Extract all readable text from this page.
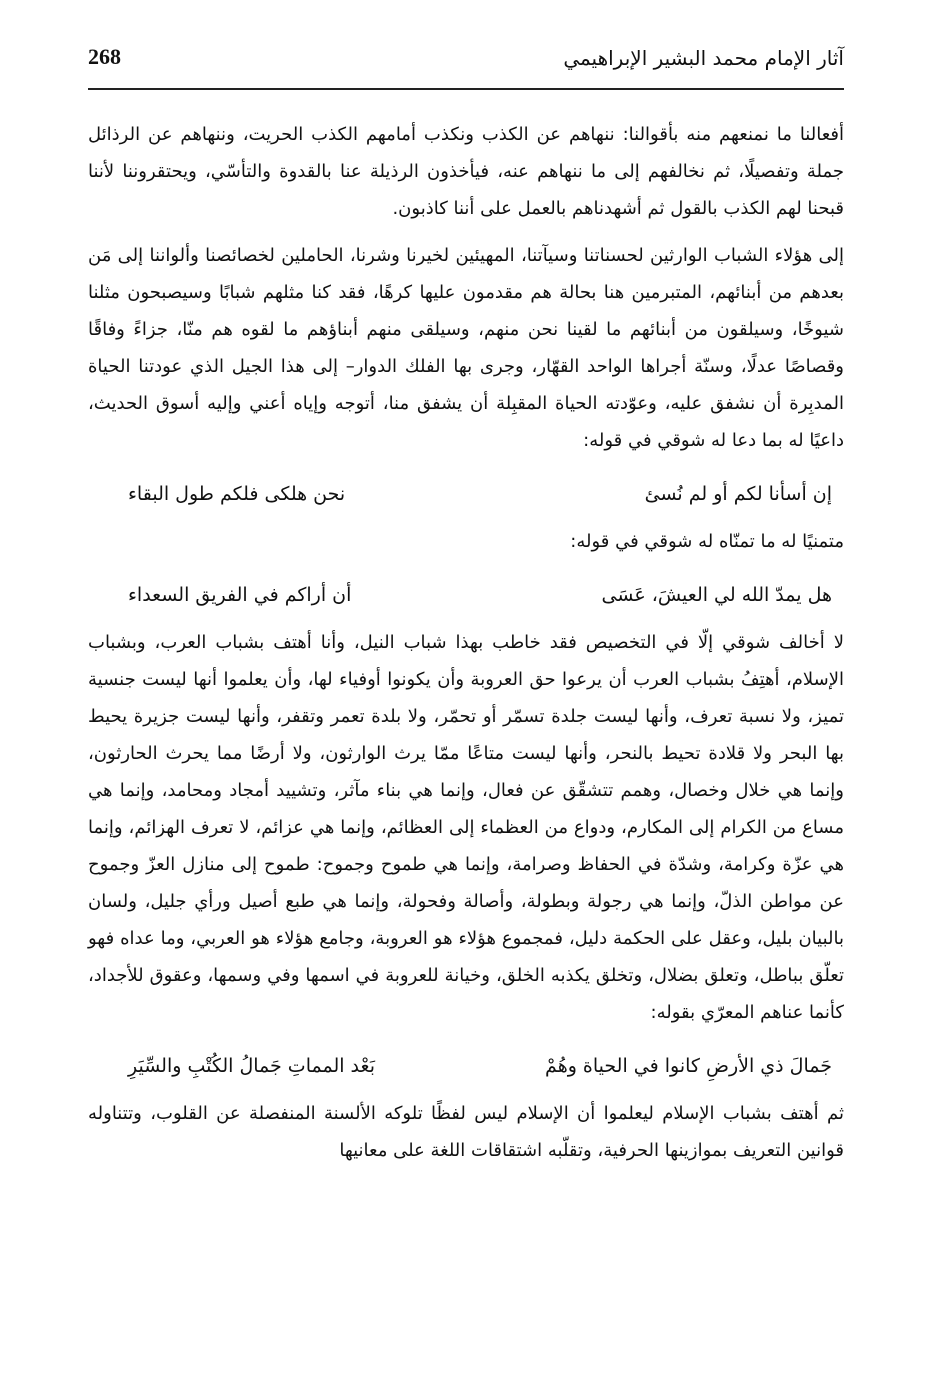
268	آثار الإمام محمد البشير الإبراهيمي

أفعالنا ما نمنعهم منه بأقوالنا: ننهاهم عن الكذب ونكذب أمامهم الكذب الحريت، وننهاهم عن الرذائل جملة وتفصيلًا، ثم نخالفهم إلى ما ننهاهم عنه، فيأخذون الرذيلة عنا بالقدوة والتأسّي، ويحتقروننا لأننا قبحنا لهم الكذب بالقول ثم أشهدناهم بالعمل على أننا كاذبون.

إلى هؤلاء الشباب الوارثين لحسناتنا وسيآتنا، المهيئين لخيرنا وشرنا، الحاملين لخصائصنا وألواننا إلى مَن بعدهم من أبنائهم، المتبرمين هنا بحالة هم مقدمون عليها كرهًا، فقد كنا مثلهم شبابًا وسيصبحون مثلنا شيوخًا، وسيلقون من أبنائهم ما لقينا نحن منهم، وسيلقى منهم أبناؤهم ما لقوه هم منّا، جزاءً وفاقًا وقصاصًا عدلًا، وسنّة أجراها الواحد القهّار، وجرى بها الفلك الدوار– إلى هذا الجيل الذي عودتنا الحياة المدبِرة أن نشفق عليه، وعوّدته الحياة المقبِلة أن يشفق منا، أتوجه وإياه أعني وإليه أسوق الحديث، داعيًا له بما دعا له شوقي في قوله:

إن أسأنا لكم أو لم نُسئ
نحن هلكى فلكم طول البقاء

متمنيًا له ما تمنّاه له شوقي في قوله:

هل يمدّ الله لي العيشَ، عَسَى
أن أراكم في الفريق السعداء

لا أخالف شوقي إلّا في التخصيص فقد خاطب بهذا شباب النيل، وأنا أهتف بشباب العرب، وبشباب الإسلام، أهتِفُ بشباب العرب أن يرعوا حق العروبة وأن يكونوا أوفياء لها، وأن يعلموا أنها ليست جنسية تميز، ولا نسبة تعرف، وأنها ليست جلدة تسمّر أو تحمّر، ولا بلدة تعمر وتقفر، وأنها ليست جزيرة يحيط بها البحر ولا قلادة تحيط بالنحر، وأنها ليست متاعًا ممّا يرث الوارثون، ولا أرضًا مما يحرث الحارثون، وإنما هي خلال وخصال، وهمم تتشقّق عن فعال، وإنما هي بناء مآثر، وتشييد أمجاد ومحامد، وإنما هي مساع من الكرام إلى المكارم، ودواع من العظماء إلى العظائم، وإنما هي عزائم، لا تعرف الهزائم، وإنما هي عزّة وكرامة، وشدّة في الحفاظ وصرامة، وإنما هي طموح وجموح: طموح إلى منازل العزّ وجموح عن مواطن الذلّ، وإنما هي رجولة وبطولة، وأصالة وفحولة، وإنما هي طبع أصيل ورأي جليل، ولسان بالبيان بليل، وعقل على الحكمة دليل، فمجموع هؤلاء هو العروبة، وجامع هؤلاء هو العربي، وما عداه فهو تعلّق بباطل، وتعلق بضلال، وتخلق يكذبه الخلق، وخيانة للعروبة في اسمها وفي وسمها، وعقوق للأجداد، كأنما عناهم المعرّي بقوله:

جَمالَ ذي الأرضِ كانوا في الحياة وهُمْ
بَعْد المماتِ جَمالُ الكُتْبِ والسِّيَرِ

ثم أهتف بشباب الإسلام ليعلموا أن الإسلام ليس لفظًا تلوكه الألسنة المنفصلة عن القلوب، وتتناوله قوانين التعريف بموازينها الحرفية، وتقلّبه اشتقاقات اللغة على معانيها
